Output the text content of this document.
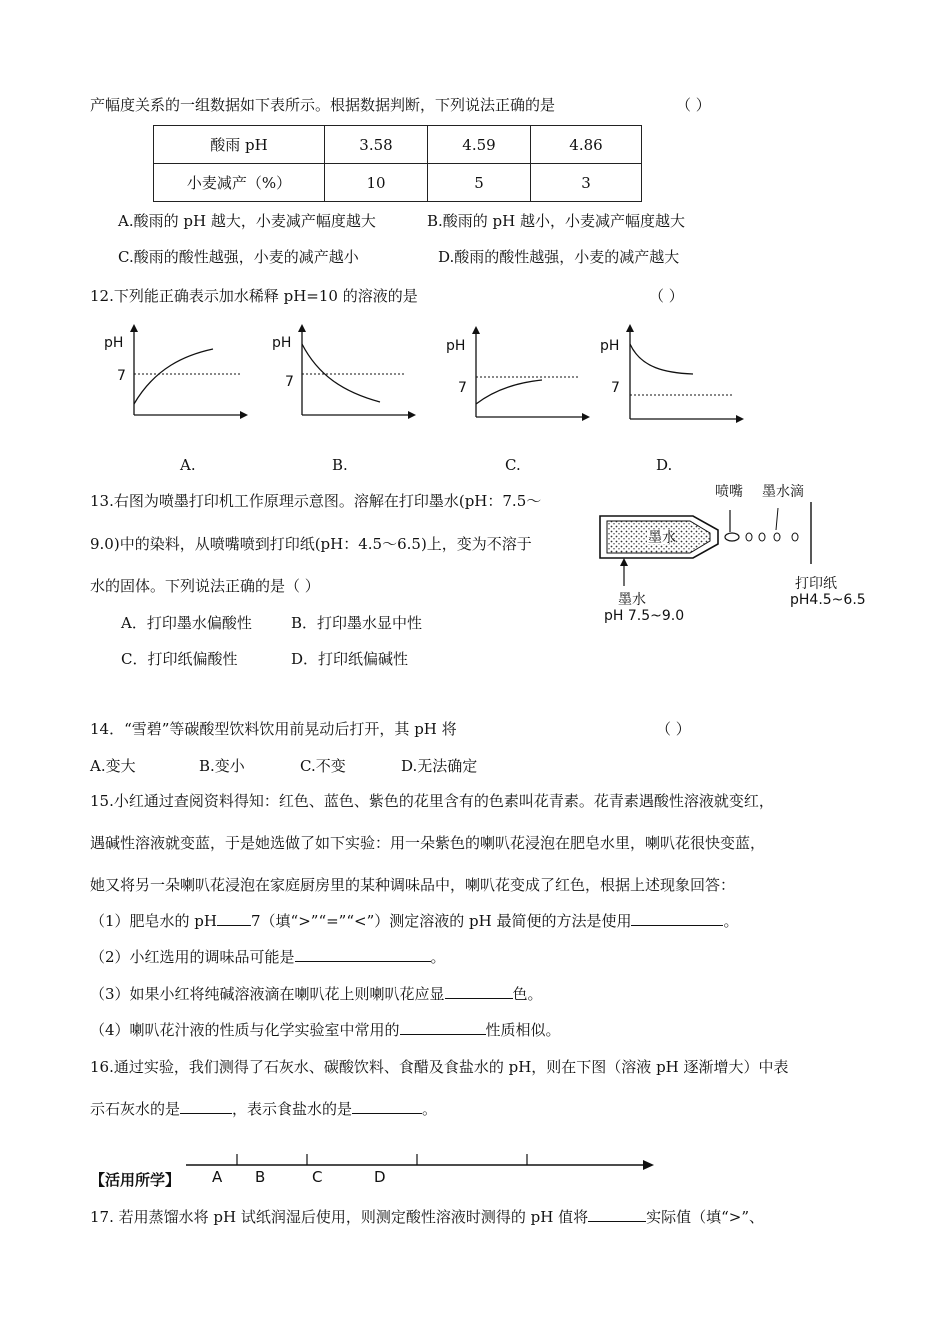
产幅度关系的一组数据如下表所示。根据数据判断，下列说法正确的是	（ ）
酸雨 pH	3.58	4.59	4.86
小麦减产（%）	10	5	3
A.酸雨的 pH 越大，小麦减产幅度越大	B.酸雨的 pH 越小，小麦减产幅度越大
C.酸雨的酸性越强，小麦的减产越小	D.酸雨的酸性越强，小麦的减产越大
12.下列能正确表示加水稀释 pH=10 的溶液的是	（ ）
pH
7
pH
7
pH
7
pH
7
A.	B.	C.	D.
13.右图为喷墨打印机工作原理示意图。溶解在打印墨水(pH：7.5～
9.0)中的染料，从喷嘴喷到打印纸(pH：4.5～6.5)上，变为不溶于
水的固体。下列说法正确的是（ ）
A．打印墨水偏酸性	B．打印墨水显中性
C．打印纸偏酸性	D．打印纸偏碱性
墨水
喷嘴 墨水滴
墨水
pH 7.5~9.0
打印纸
pH4.5~6.5
14．“雪碧”等碳酸型饮料饮用前晃动后打开，其 pH 将	（ ）
A.变大	B.变小	C.不变	D.无法确定
15.小红通过查阅资料得知：红色、蓝色、紫色的花里含有的色素叫花青素。花青素遇酸性溶液就变红，
遇碱性溶液就变蓝，于是她选做了如下实验：用一朵紫色的喇叭花浸泡在肥皂水里，喇叭花很快变蓝，
她又将另一朵喇叭花浸泡在家庭厨房里的某种调味品中，喇叭花变成了红色，根据上述现象回答：
（1）肥皂水的 pH 7（填“>”“=”“<”）测定溶液的 pH 最简便的方法是使用	。
（2）小红选用的调味品可能是	。
（3）如果小红将纯碱溶液滴在喇叭花上则喇叭花应显	色。
（4）喇叭花汁液的性质与化学实验室中常用的	性质相似。
16.通过实验，我们测得了石灰水、碳酸饮料、食醋及食盐水的 pH，则在下图（溶液 pH 逐渐增大）中表
示石灰水的是	，表示食盐水的是	。
【活用所学】 A B	C	D
17. 若用蒸馏水将 pH 试纸润湿后使用，则测定酸性溶液时测得的 pH 值将	实际值（填“>”、
